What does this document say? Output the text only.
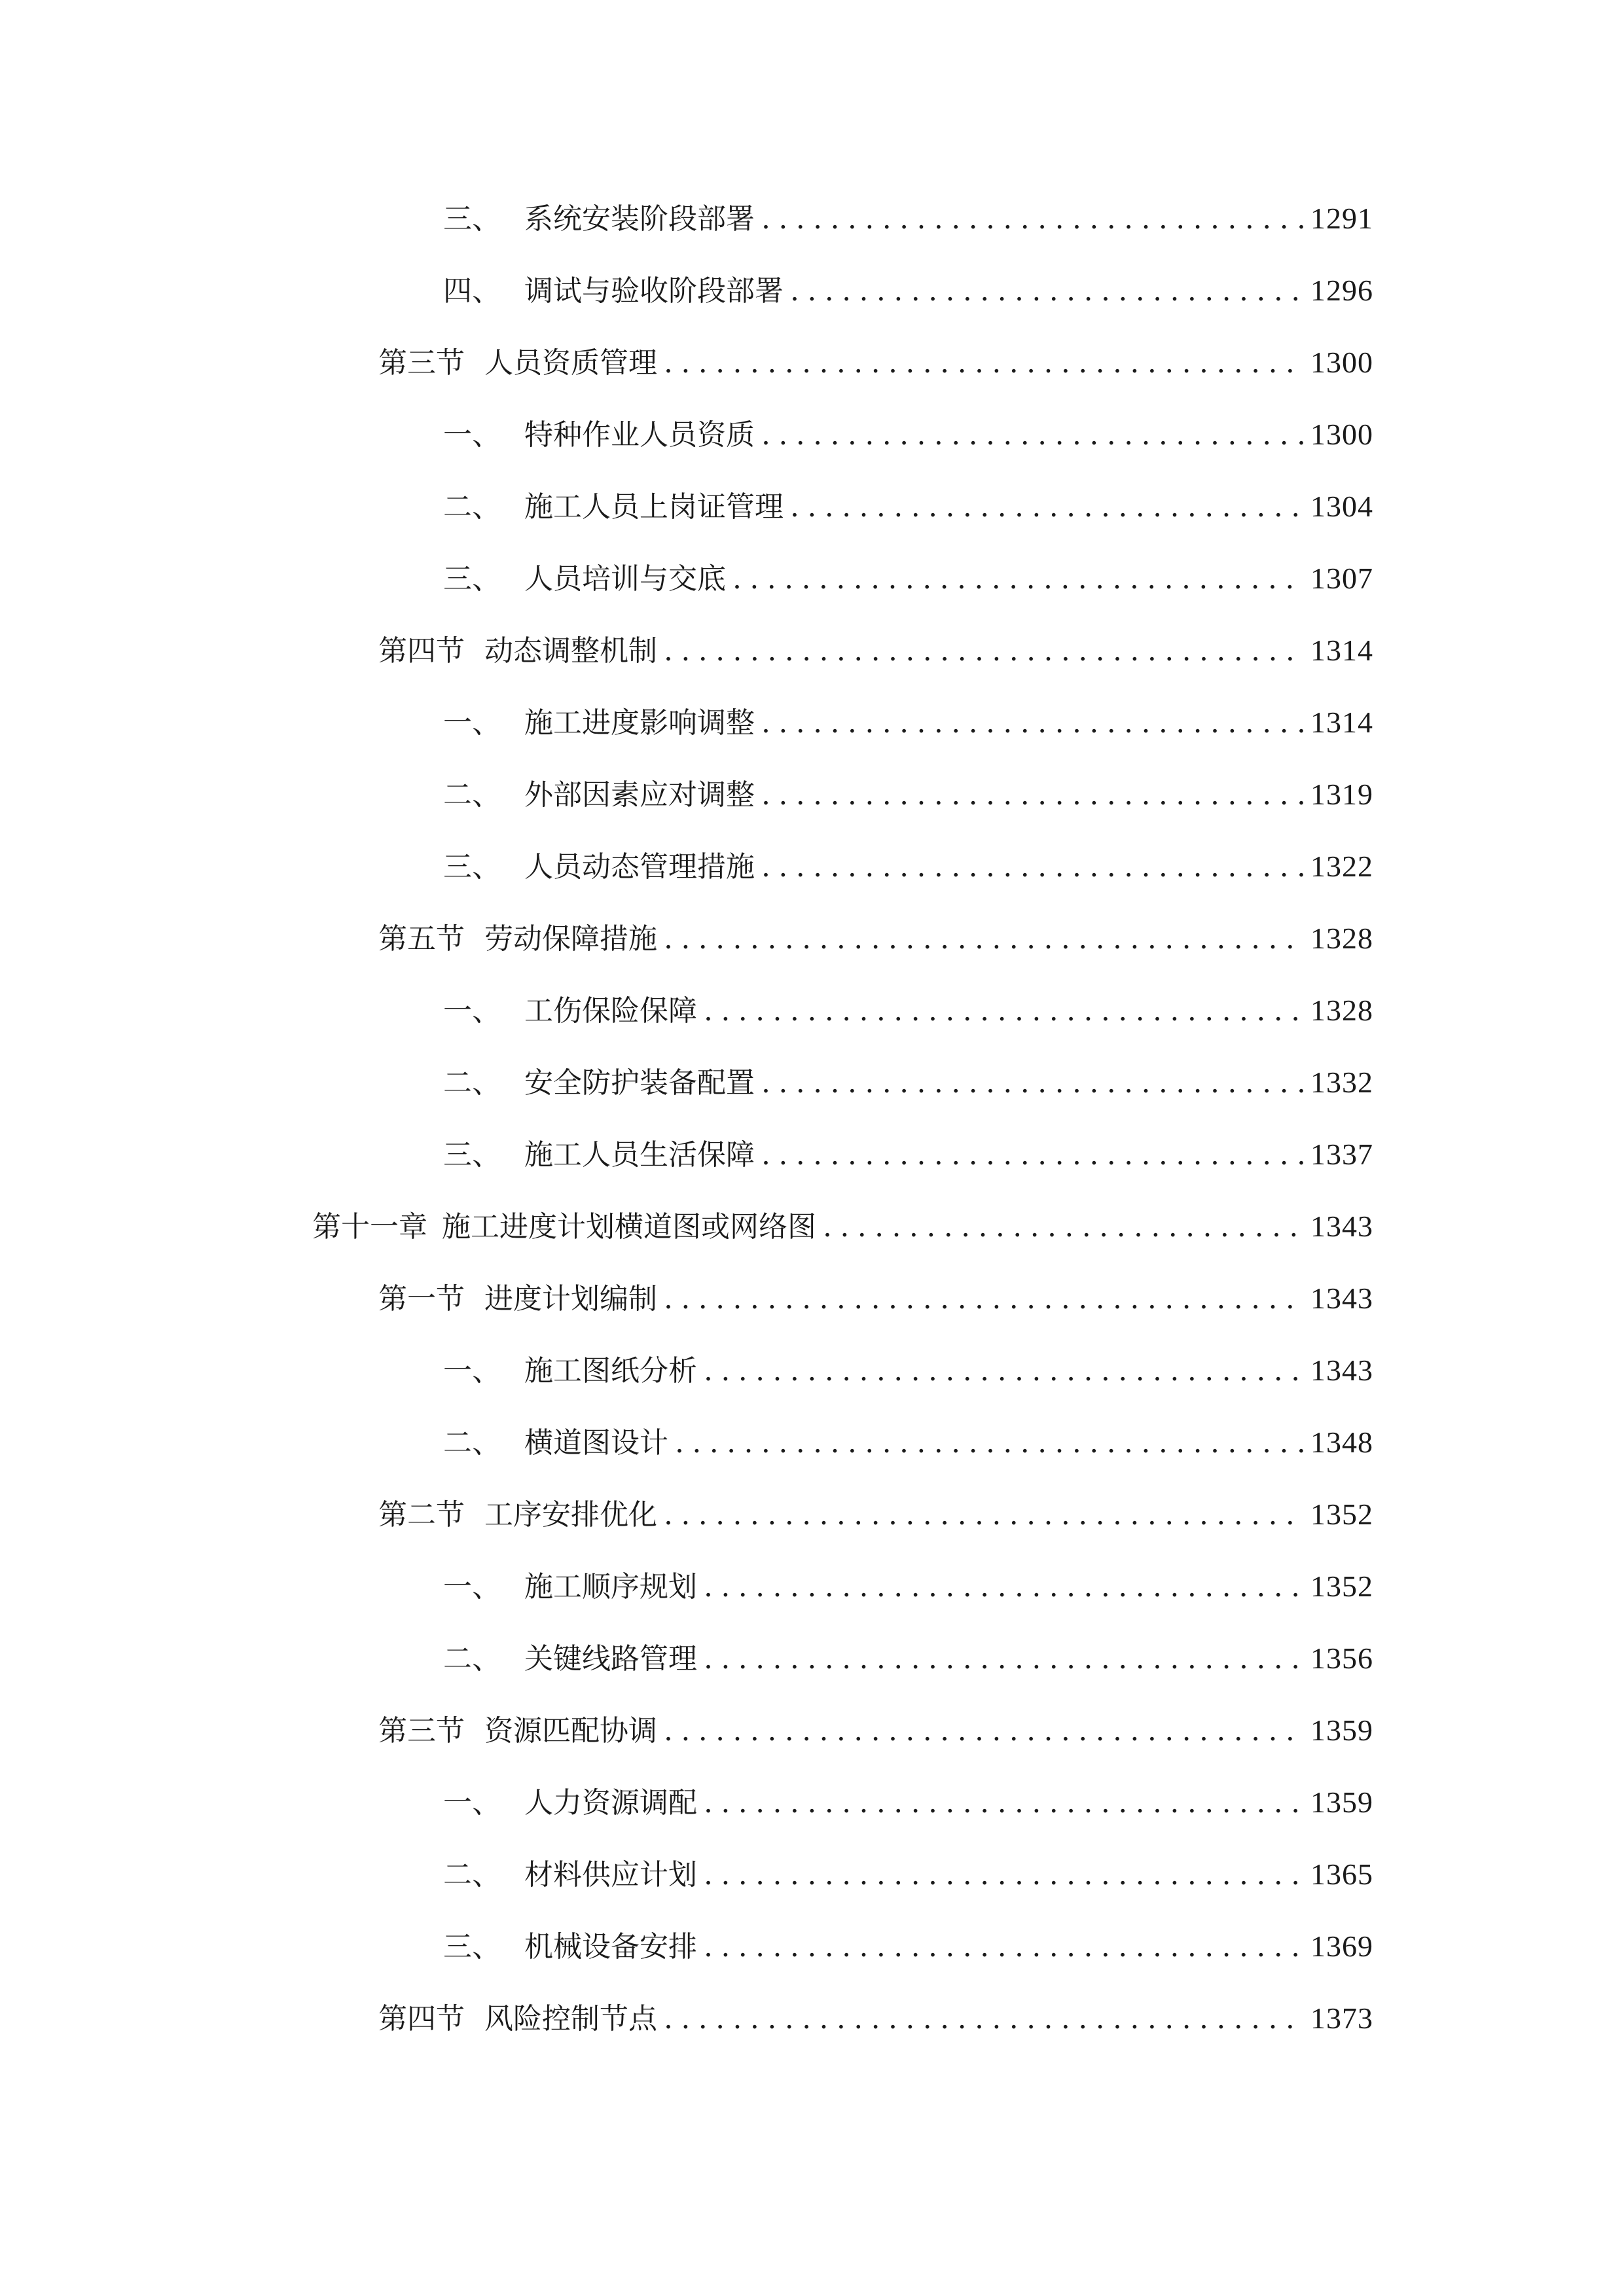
三、 系统安装阶段部署 .....	1291
四、 调试与验收阶段部署 .....	1296
第三节 人员资质管理 .....	1300
一、 特种作业人员资质 .....	1300
二、 施工人员上岗证管理 .....	1304
三、 人员培训与交底 .....	1307
第四节 动态调整机制 .....	1314
一、 施工进度影响调整 .....	1314
二、 外部因素应对调整 .....	1319
三、 人员动态管理措施 .....	1322
第五节 劳动保障措施 .....	1328
一、 工伤保险保障 .....	1328
二、 安全防护装备配置 .....	1332
三、 施工人员生活保障 .....	1337
第十一章 施工进度计划横道图或网络图 .....	1343
第一节 进度计划编制 .....	1343
一、 施工图纸分析 .....	1343
二、 横道图设计 .....	1348
第二节 工序安排优化 .....	1352
一、 施工顺序规划 .....	1352
二、 关键线路管理 .....	1356
第三节 资源匹配协调 .....	1359
一、 人力资源调配 .....	1359
二、 材料供应计划 .....	1365
三、 机械设备安排 .....	1369
第四节 风险控制节点 .....	1373
